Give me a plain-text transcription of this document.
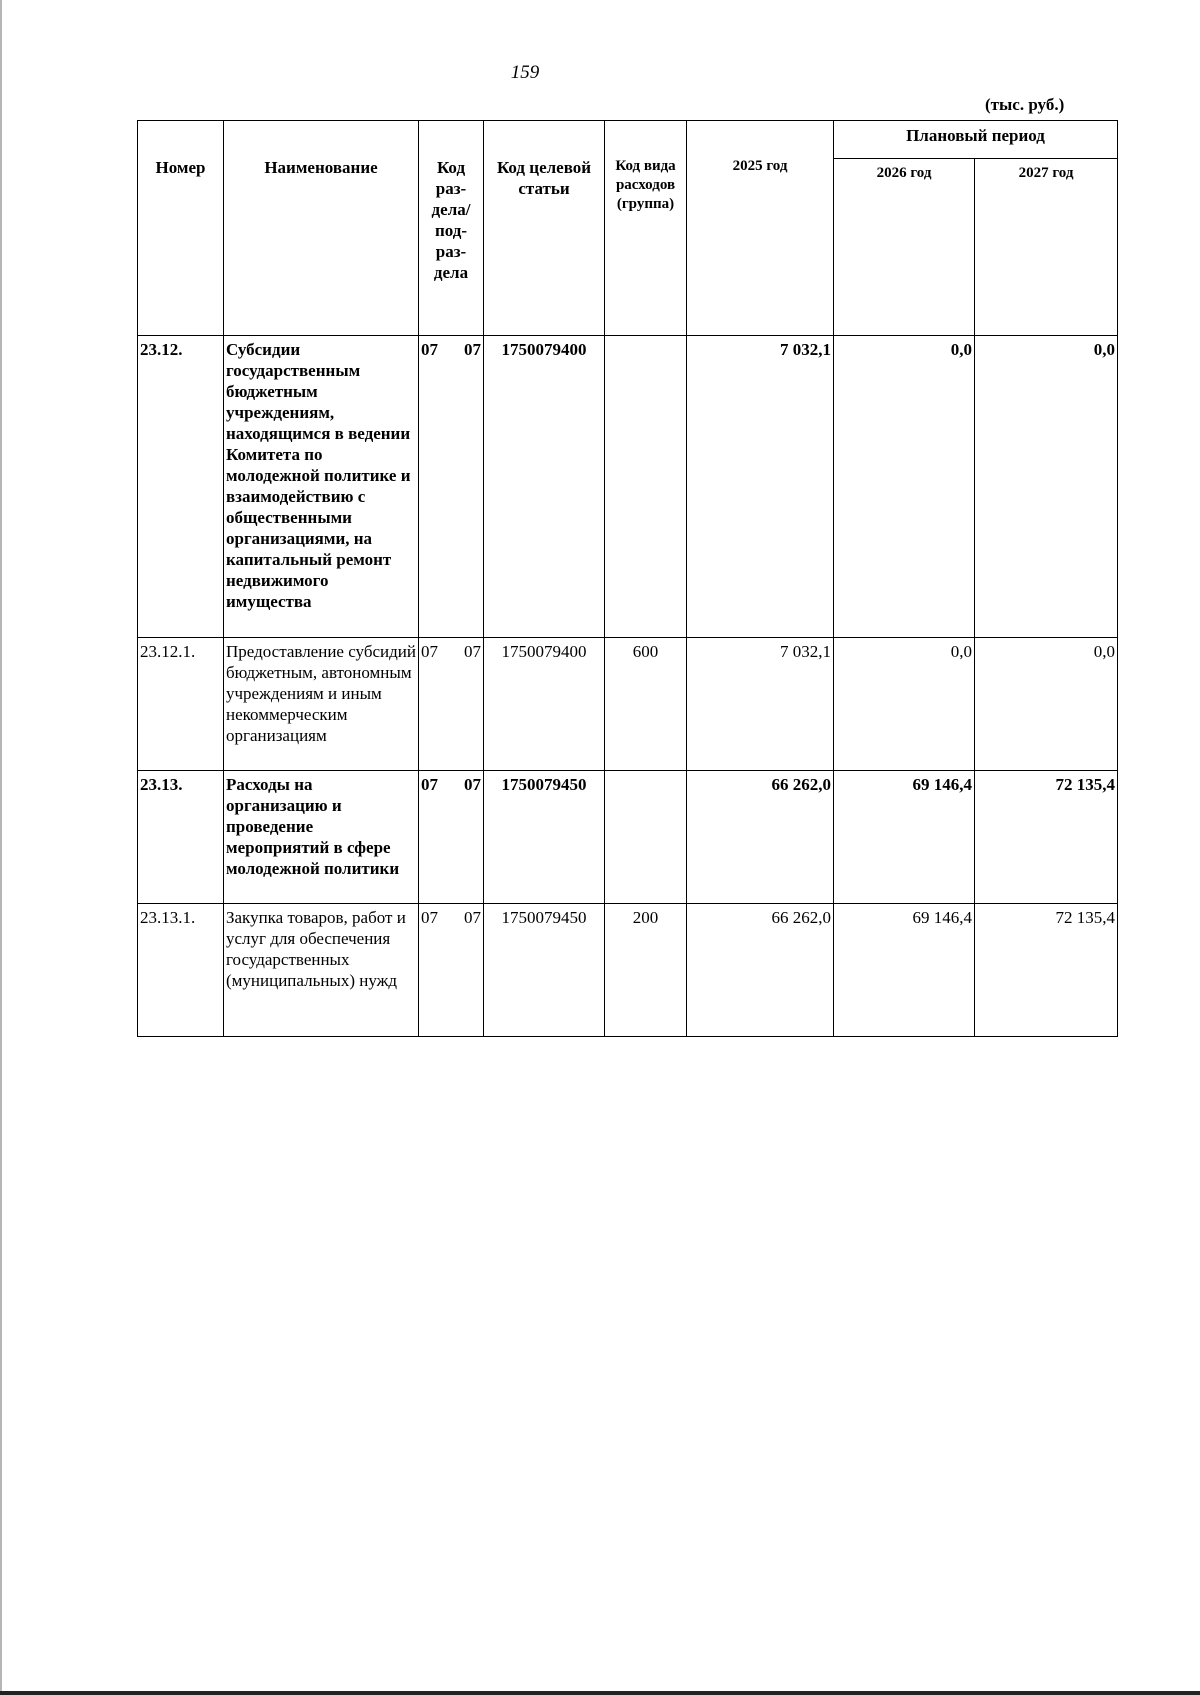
159
(тыс. руб.)
Номер	Наименование	Код раз-дела/ под-раз-дела	Код целевой статьи	Код вида расходов (группа)	2025 год	Плановый период	
						2026 год	2027 год
23.12.	Субсидии государственным бюджетным учреждениям, находящимся в ведении Комитета по молодежной политике и взаимодействию с общественными организациями, на капитальный ремонт недвижимого имущества	07 07	1750079400		7 032,1	0,0	0,0
23.12.1.	Предоставление субсидий бюджетным, автономным учреждениям и иным некоммерческим организациям	07 07	1750079400	600	7 032,1	0,0	0,0
23.13.	Расходы на организацию и проведение мероприятий в сфере молодежной политики	07 07	1750079450		66 262,0	69 146,4	72 135,4
23.13.1.	Закупка товаров, работ и услуг для обеспечения государственных (муниципальных) нужд	07 07	1750079450	200	66 262,0	69 146,4	72 135,4
